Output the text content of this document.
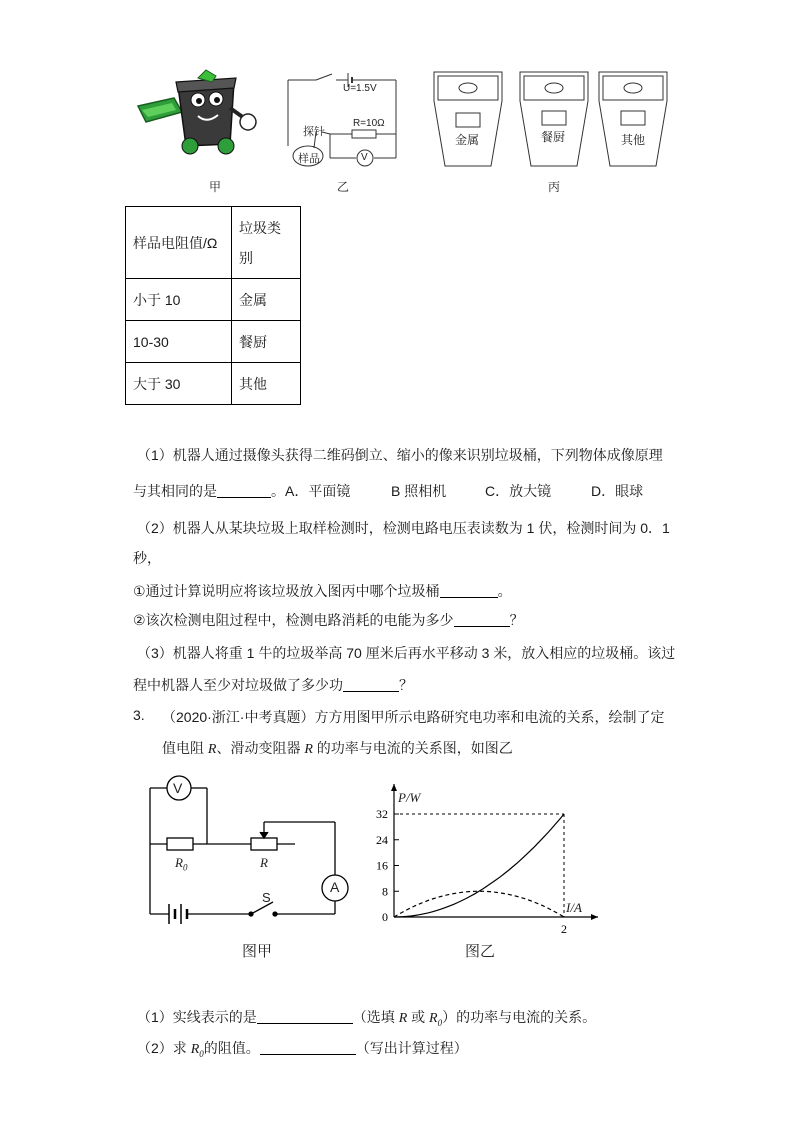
甲
U=1.5V
R=10Ω
探针
样品	V
乙
金属	餐厨	其他
丙
样品电阻值/Ω	垃圾类
别
小于 10	金属
10-30	餐厨
大于 30	其他
（1）机器人通过摄像头获得二维码倒立、缩小的像来识别垃圾桶，下列物体成像原理
与其相同的是	。A．平面镜	B 照相机	C．放大镜	D．眼球
（2）机器人从某块垃圾上取样检测时，检测电路电压表读数为 1 伏，检测时间为 0．1
秒，
①通过计算说明应将该垃圾放入图丙中哪个垃圾桶	。
②该次检测电阻过程中，检测电路消耗的电能为多少	？
（3）机器人将重 1 牛的垃圾举高 70 厘米后再水平移动 3 米，放入相应的垃圾桶。该过
程中机器人至少对垃圾做了多少功	？
3. （2020·浙江·中考真题）方方用图甲所示电路研究电功率和电流的关系，绘制了定
值电阻 R、滑动变阻器 R 的功率与电流的关系图，如图乙
V
A
$R_0$	R
S
图甲
0
8
16
24
32
2
P/W
I/A
图乙
（1）实线表示的是	（选填 R 或 $R_0$）的功率与电流的关系。
（2）求 $R_0$的阻值。	（写出计算过程）
